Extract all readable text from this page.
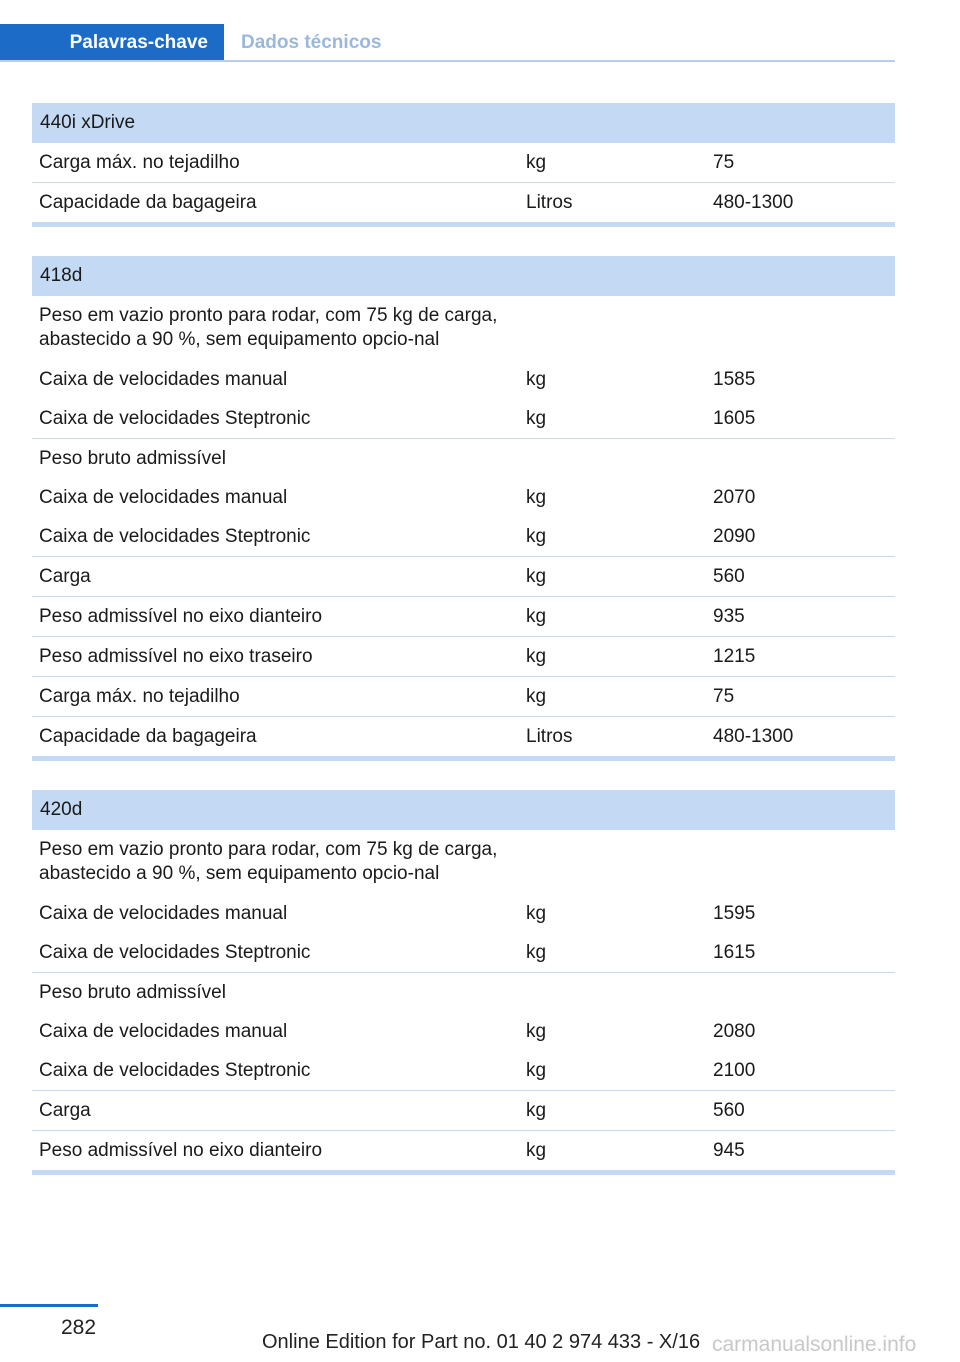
Palavras-chave	Dados técnicos
440i xDrive		
Carga máx. no tejadilho	kg	75
Capacidade da bagageira	Litros	480-1300
418d		
Peso em vazio pronto para rodar, com 75 kg de carga, abastecido a 90 %, sem equipamento opcio‐nal		
Caixa de velocidades manual	kg	1585
Caixa de velocidades Steptronic	kg	1605
Peso bruto admissível		
Caixa de velocidades manual	kg	2070
Caixa de velocidades Steptronic	kg	2090
Carga	kg	560
Peso admissível no eixo dianteiro	kg	935
Peso admissível no eixo traseiro	kg	1215
Carga máx. no tejadilho	kg	75
Capacidade da bagageira	Litros	480-1300
420d		
Peso em vazio pronto para rodar, com 75 kg de carga, abastecido a 90 %, sem equipamento opcio‐nal		
Caixa de velocidades manual	kg	1595
Caixa de velocidades Steptronic	kg	1615
Peso bruto admissível		
Caixa de velocidades manual	kg	2080
Caixa de velocidades Steptronic	kg	2100
Carga	kg	560
Peso admissível no eixo dianteiro	kg	945
282
Online Edition for Part no. 01 40 2 974 433 - X/16 carmanualsonline.info
